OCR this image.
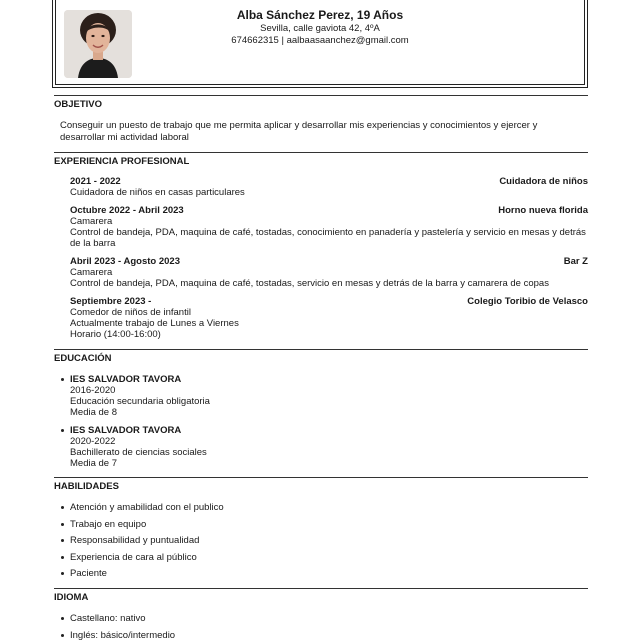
Alba Sánchez Perez, 19 Años
Sevilla, calle gaviota 42, 4ºA
674662315 | aalbaasaanchez@gmail.com
OBJETIVO
Conseguir un puesto de trabajo que me permita aplicar y desarrollar mis experiencias y conocimientos y ejercer y desarrollar mi actividad laboral
EXPERIENCIA PROFESIONAL
2021 - 2022	Cuidadora de niños
Cuidadora de niños en casas particulares
Octubre 2022 - Abril 2023	Horno nueva florida
Camarera
Control de bandeja, PDA, maquina de café, tostadas, conocimiento en panadería y pastelería y servicio en mesas y detrás de la barra
Abril 2023 - Agosto 2023	Bar Z
Camarera
Control de bandeja, PDA, maquina de café, tostadas, servicio en mesas y detrás de la barra y camarera de copas
Septiembre 2023 -	Colegio Toribio de Velasco
Comedor de niños de infantil
Actualmente trabajo de Lunes a Viernes
Horario (14:00-16:00)
EDUCACIÓN
IES SALVADOR TAVORA
2016-2020
Educación secundaria obligatoria
Media de 8
IES SALVADOR TAVORA
2020-2022
Bachillerato de ciencias sociales
Media de 7
HABILIDADES
Atención y amabilidad con el publico
Trabajo en equipo
Responsabilidad y puntualidad
Experiencia de cara al público
Paciente
IDIOMA
Castellano: nativo
Inglés: básico/intermedio
